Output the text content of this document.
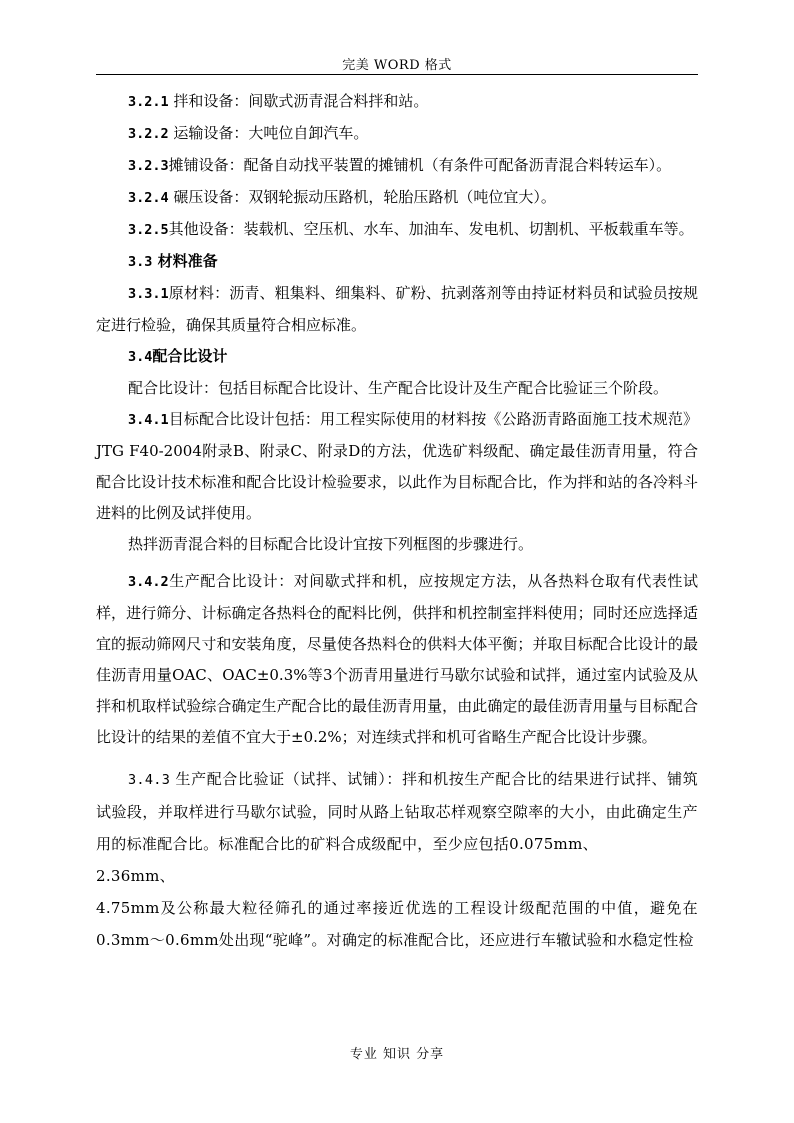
完美 WORD 格式

3.2.1 拌和设备：间歇式沥青混合料拌和站。

3.2.2 运输设备：大吨位自卸汽车。

3.2.3摊铺设备：配备自动找平装置的摊铺机（有条件可配备沥青混合料转运车）。

3.2.4 碾压设备：双钢轮振动压路机，轮胎压路机（吨位宜大）。

3.2.5其他设备：装载机、空压机、水车、加油车、发电机、切割机、平板载重车等。

3.3 材料准备

3.3.1原材料：沥青、粗集料、细集料、矿粉、抗剥落剂等由持证材料员和试验员按规定进行检验，确保其质量符合相应标准。

3.4配合比设计

配合比设计：包括目标配合比设计、生产配合比设计及生产配合比验证三个阶段。

3.4.1目标配合比设计包括：用工程实际使用的材料按《公路沥青路面施工技术规范》JTG F40-2004附录B、附录C、附录D的方法，优选矿料级配、确定最佳沥青用量，符合配合比设计技术标准和配合比设计检验要求，以此作为目标配合比，作为拌和站的各冷料斗进料的比例及试拌使用。

热拌沥青混合料的目标配合比设计宜按下列框图的步骤进行。

3.4.2生产配合比设计：对间歇式拌和机，应按规定方法，从各热料仓取有代表性试样，进行筛分、计标确定各热料仓的配料比例，供拌和机控制室拌料使用；同时还应选择适宜的振动筛网尺寸和安装角度，尽量使各热料仓的供料大体平衡；并取目标配合比设计的最佳沥青用量OAC、OAC±0.3%等3个沥青用量进行马歇尔试验和试拌，通过室内试验及从拌和机取样试验综合确定生产配合比的最佳沥青用量，由此确定的最佳沥青用量与目标配合比设计的结果的差值不宜大于±0.2%；对连续式拌和机可省略生产配合比设计步骤。

3.4.3 生产配合比验证（试拌、试铺）：拌和机按生产配合比的结果进行试拌、铺筑试验段，并取样进行马歇尔试验，同时从路上钻取芯样观察空隙率的大小，由此确定生产用的标准配合比。标准配合比的矿料合成级配中，至少应包括0.075mm、

2.36mm、

4.75mm及公称最大粒径筛孔的通过率接近优选的工程设计级配范围的中值，避免在0.3mm～0.6mm处出现“驼峰”。对确定的标准配合比，还应进行车辙试验和水稳定性检

专业 知识 分享
